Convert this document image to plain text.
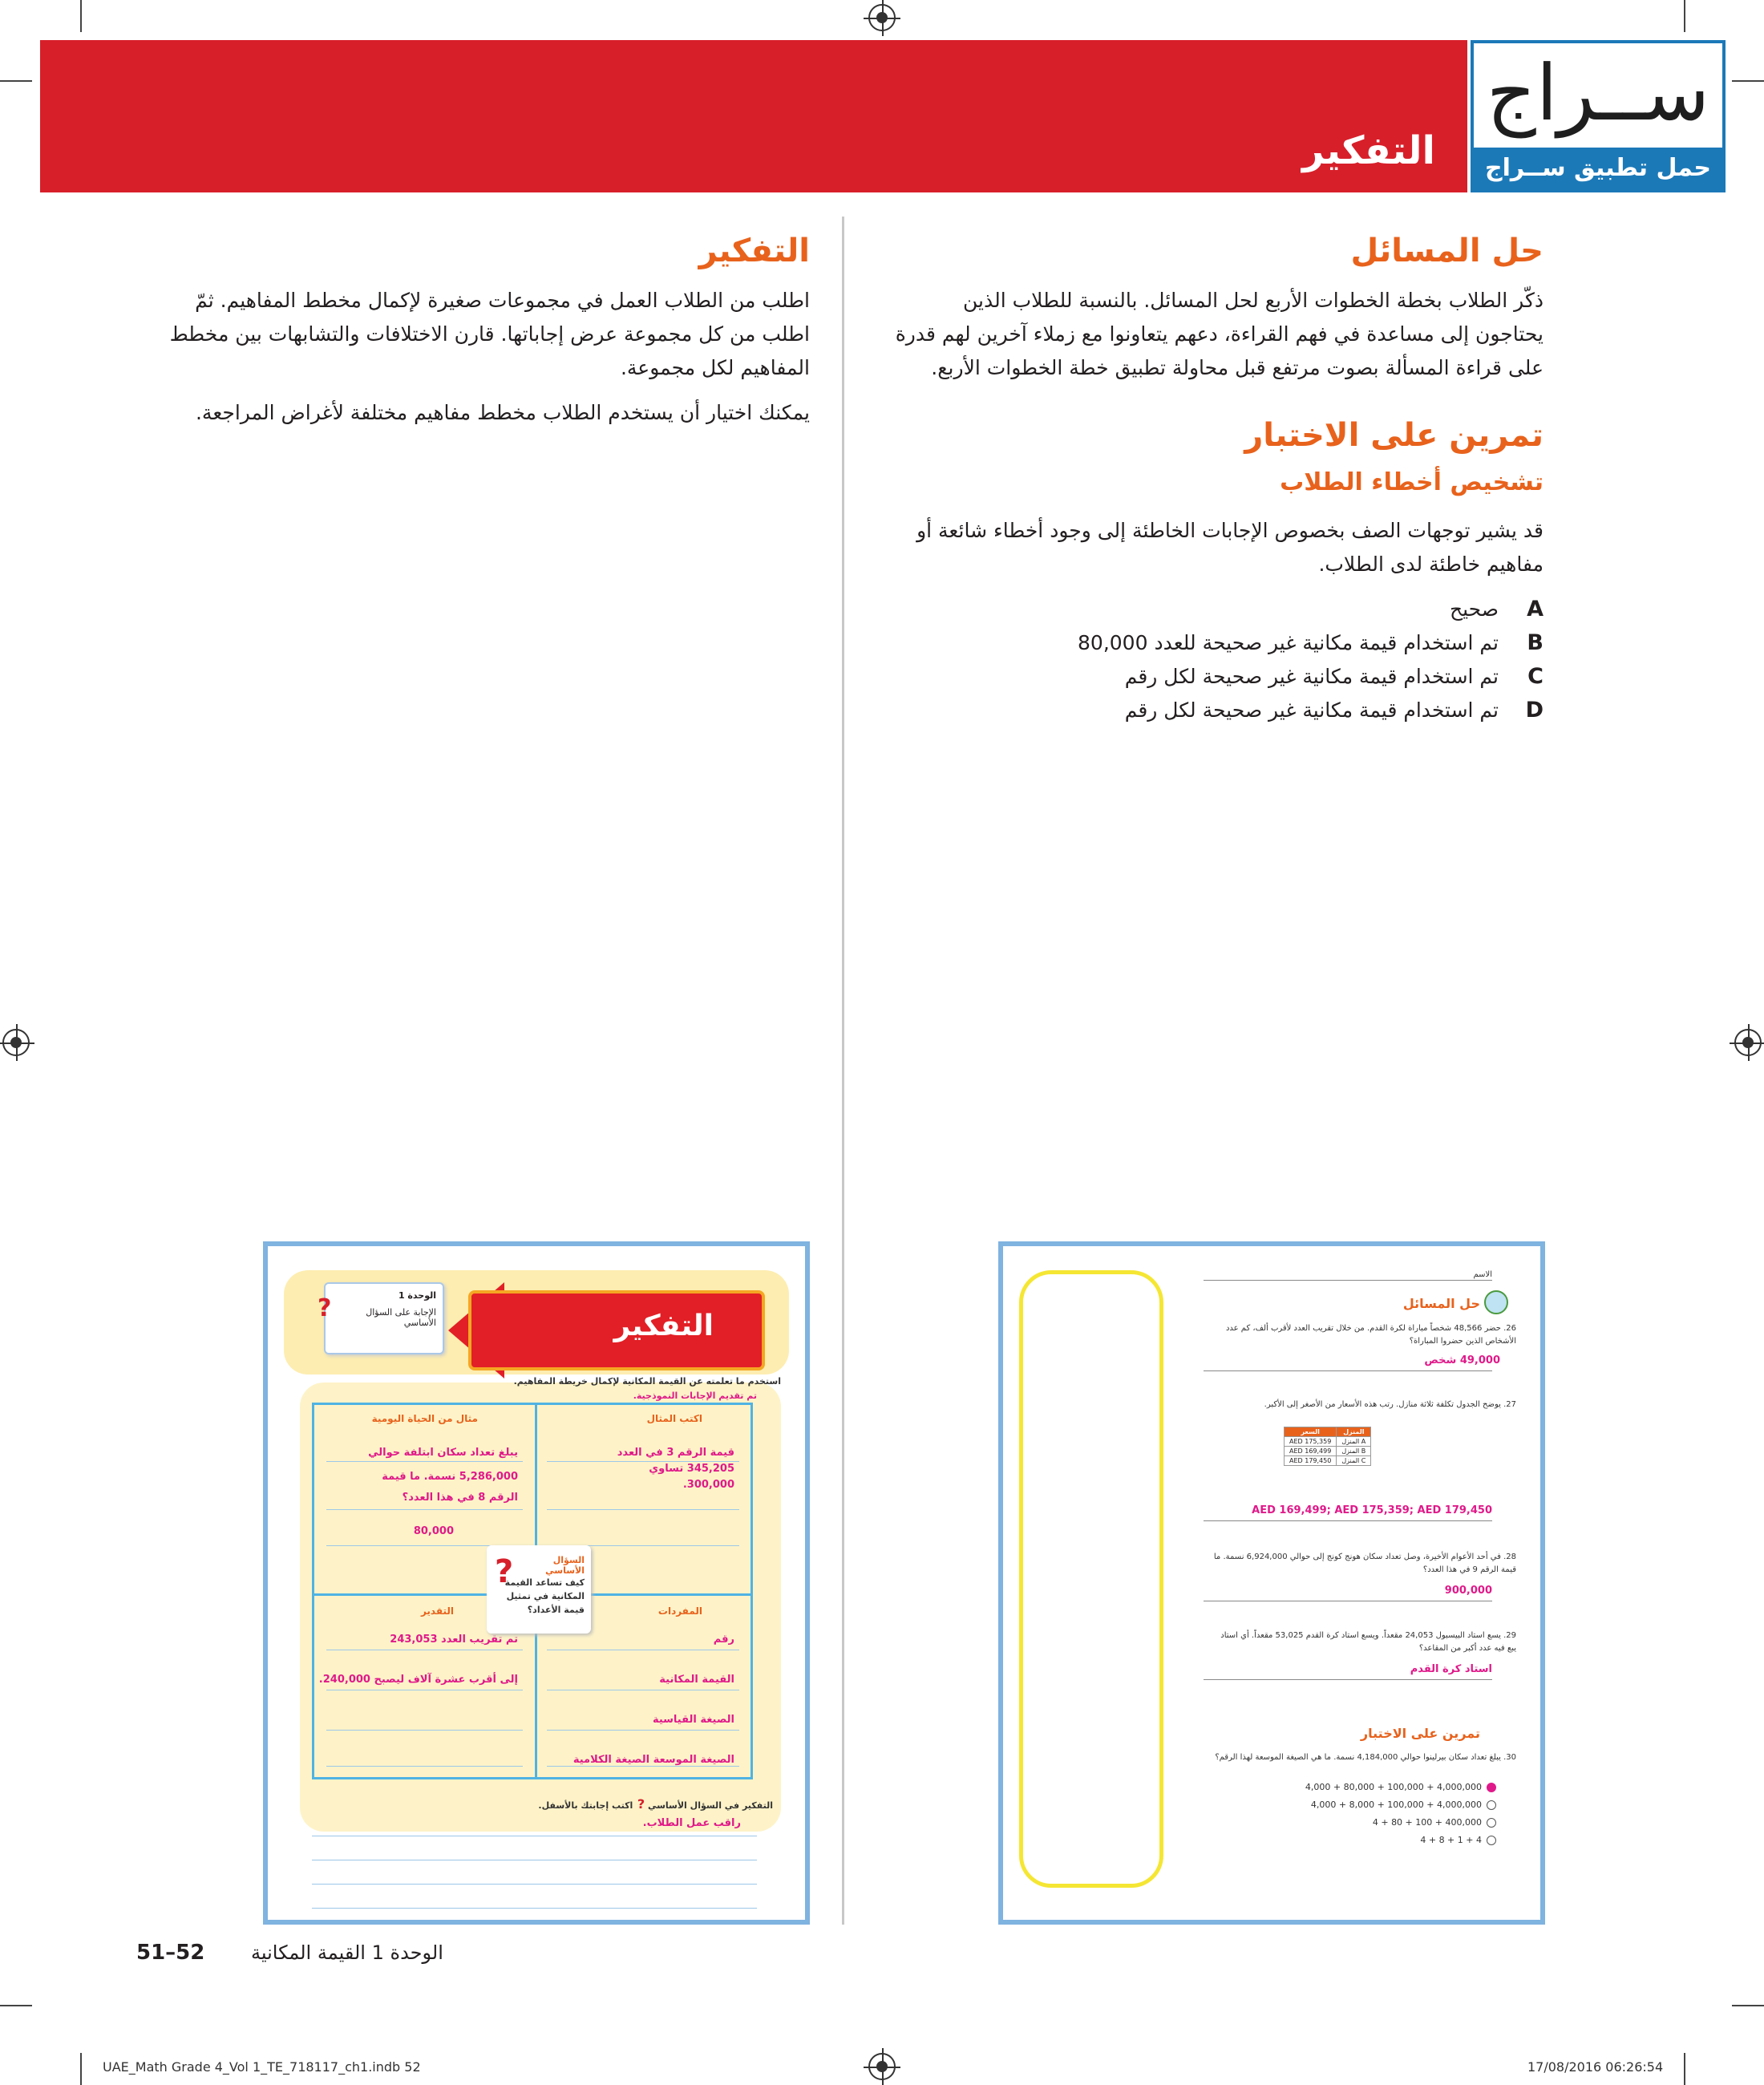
التفكير
ســراج
حمل تطبيق ســراج
حل المسائل

ذكّر الطلاب بخطة الخطوات الأربع لحل المسائل. بالنسبة للطلاب الذين يحتاجون إلى مساعدة في فهم القراءة، دعهم يتعاونوا مع زملاء آخرين لهم قدرة على قراءة المسألة بصوت مرتفع قبل محاولة تطبيق خطة الخطوات الأربع.

تمرين على الاختبار
تشخيص أخطاء الطلاب

قد يشير توجهات الصف بخصوص الإجابات الخاطئة إلى وجود أخطاء شائعة أو مفاهيم خاطئة لدى الطلاب.

A
صحيح
B
تم استخدام قيمة مكانية غير صحيحة للعدد 80,000
C
تم استخدام قيمة مكانية غير صحيحة لكل رقم
D
تم استخدام قيمة مكانية غير صحيحة لكل رقم
التفكير

اطلب من الطلاب العمل في مجموعات صغيرة لإكمال مخطط المفاهيم. ثمّ اطلب من كل مجموعة عرض إجاباتها. قارن الاختلافات والتشابهات بين مخطط المفاهيم لكل مجموعة.

يمكنك اختيار أن يستخدم الطلاب مخطط مفاهيم مختلفة لأغراض المراجعة.

التفكير
الوحدة 1
الإجابة على السؤال الأساسي
?
استخدم ما تعلمته عن القيمة المكانية لإكمال خريطة المفاهيم.
تم تقديم الإجابات النموذجية.
اكتب المثال
قيمة الرقم 3 في العدد 345,205 تساوي 300,000.
مثال من الحياة اليومية
يبلغ تعداد سكان ابتلفة حوالي 5,286,000 نسمة. ما قيمة
الرقم 8 في هذا العدد؟
80,000
التقدير
تم تقريب العدد 243,053
إلى أقرب عشرة آلاف ليصبح 240,000.
المفردات
رقم
القيمة المكانية
الصيغة القياسية
الصيغة الموسعة الصيغة الكلامية
?	السؤال الأساسي
كيف تساعد القيمة المكانية في تمثيل قيمة الأعداد؟
التفكير في السؤال الأساسي ? اكتب إجابتك بالأسفل.
راقب عمل الطلاب.
الاسم
حل المسائل
26. حضر 48,566 شخصاً مباراة لكرة القدم. من خلال تقريب العدد لأقرب ألف، كم عدد الأشخاص الذين حضروا المباراة؟
49,000 شخص
27. يوضح الجدول تكلفة ثلاثة منازل. رتب هذه الأسعار من الأصغر إلى الأكبر.
السعر	المنزل
AED 175,359	المنزل A
AED 169,499	المنزل B
AED 179,450	المنزل C
AED 169,499; AED 175,359; AED 179,450
28. في أحد الأعوام الأخيرة، وصل تعداد سكان هونج كونج إلى حوالي 6,924,000 نسمة. ما قيمة الرقم 9 في هذا العدد؟
900,000
29. يسع استاد البيسبول 24,053 مقعداً. ويسع استاد كرة القدم 53,025 مقعداً. أي استاد يبع فيه عدد أكبر من المقاعد؟
استاد كرة القدم
تمرين على الاختبار
30. يبلغ تعداد سكان بيرلينوا حوالي 4,184,000 نسمة. ما هي الصيغة الموسعة لهذا الرقم؟
4,000,000 + 100,000 + 80,000 + 4,000
4,000,000 + 100,000 + 8,000 + 4,000
400,000 + 100 + 80 + 4
4 + 1 + 8 + 4
51–52 الوحدة 1 القيمة المكانية
UAE_Math Grade 4_Vol 1_TE_718117_ch1.indb 52	17/08/2016 06:26:54
